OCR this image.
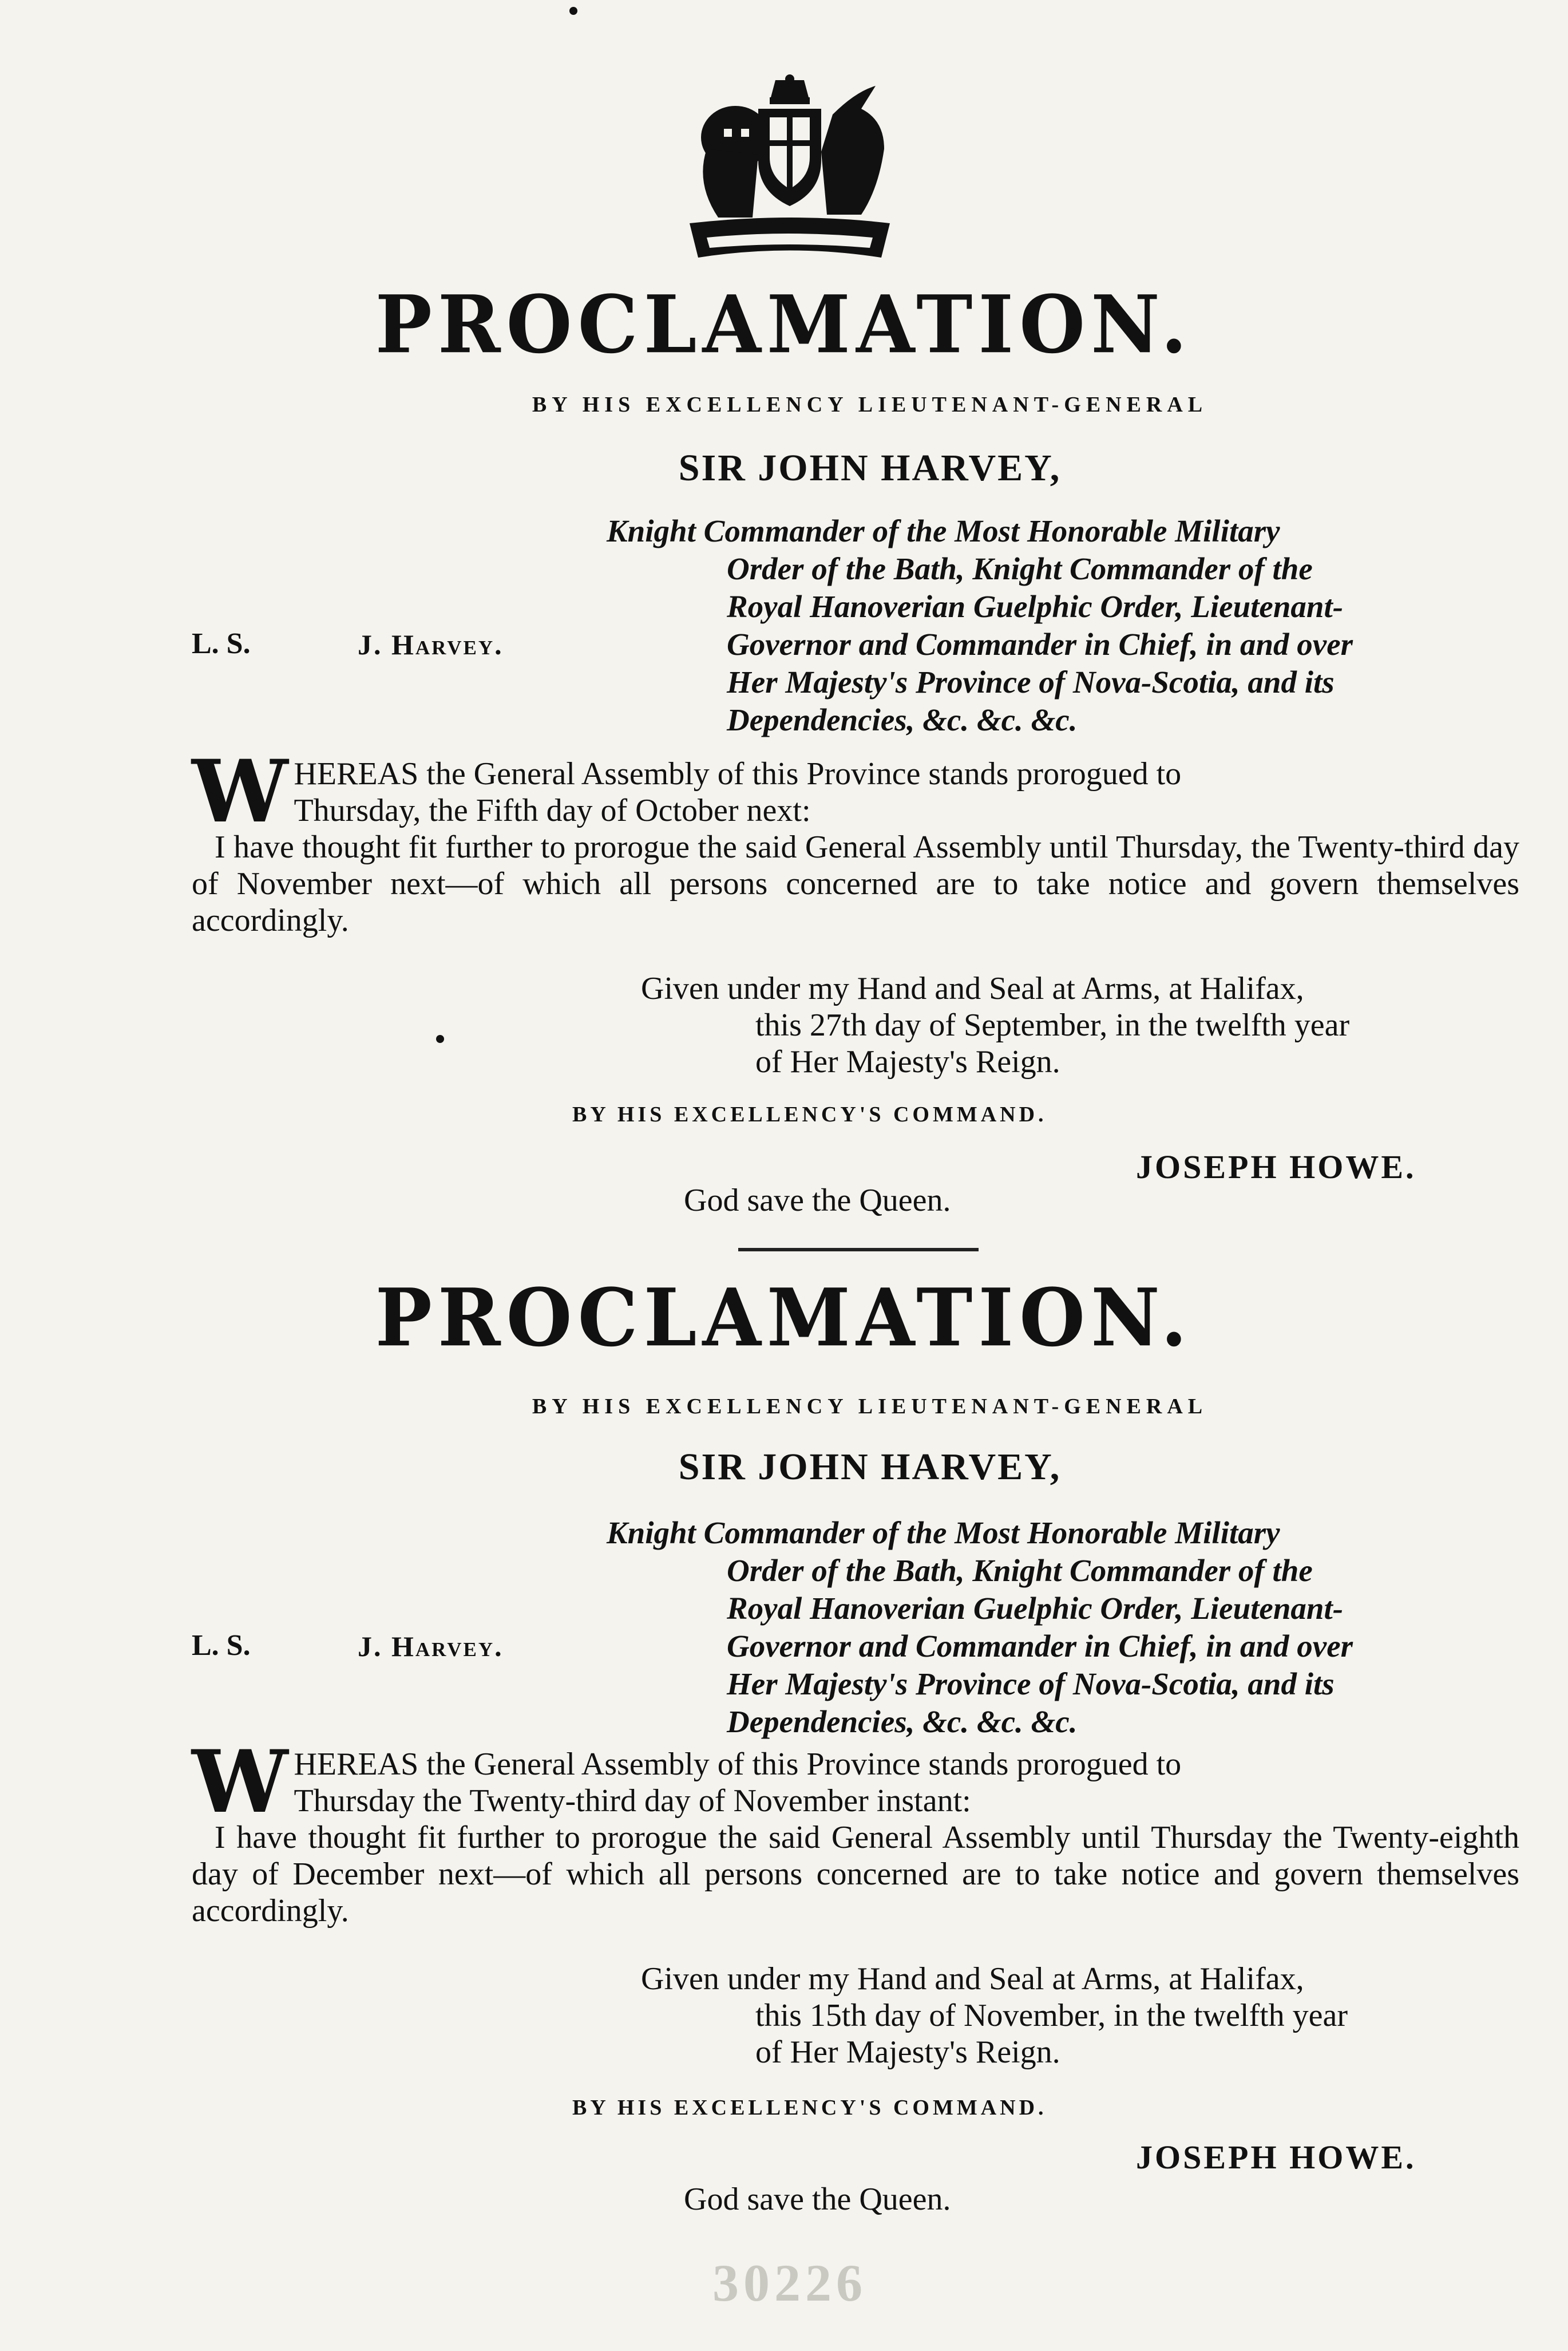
PROCLAMATION.
BY HIS EXCELLENCY LIEUTENANT-GENERAL
SIR JOHN HARVEY,
Knight Commander of the Most Honorable Military
Order of the Bath, Knight Commander of the
Royal Hanoverian Guelphic Order, Lieutenant-
Governor and Commander in Chief, in and over
Her Majesty's Province of Nova-Scotia, and its
Dependencies, &c. &c. &c.
L. S.	J. Harvey.
W HEREAS the General Assembly of this Province stands prorogued to
Thursday, the Fifth day of October next:
I have thought fit further to prorogue the said General Assembly until Thursday, the Twenty-third day of November next—of which all persons concerned are to take notice and govern themselves accordingly.
Given under my Hand and Seal at Arms, at Halifax,
this 27th day of September, in the twelfth year
of Her Majesty's Reign.
BY HIS EXCELLENCY'S COMMAND.
JOSEPH HOWE.
God save the Queen.
PROCLAMATION.
BY HIS EXCELLENCY LIEUTENANT-GENERAL
SIR JOHN HARVEY,
Knight Commander of the Most Honorable Military
Order of the Bath, Knight Commander of the
Royal Hanoverian Guelphic Order, Lieutenant-
Governor and Commander in Chief, in and over
Her Majesty's Province of Nova-Scotia, and its
Dependencies, &c. &c. &c.
L. S.	J. Harvey.
W HEREAS the General Assembly of this Province stands prorogued to
Thursday the Twenty-third day of November instant:
I have thought fit further to prorogue the said General Assembly until Thursday the Twenty-eighth day of December next—of which all persons concerned are to take notice and govern themselves accordingly.
Given under my Hand and Seal at Arms, at Halifax,
this 15th day of November, in the twelfth year
of Her Majesty's Reign.
BY HIS EXCELLENCY'S COMMAND.
JOSEPH HOWE.
God save the Queen.
30226
